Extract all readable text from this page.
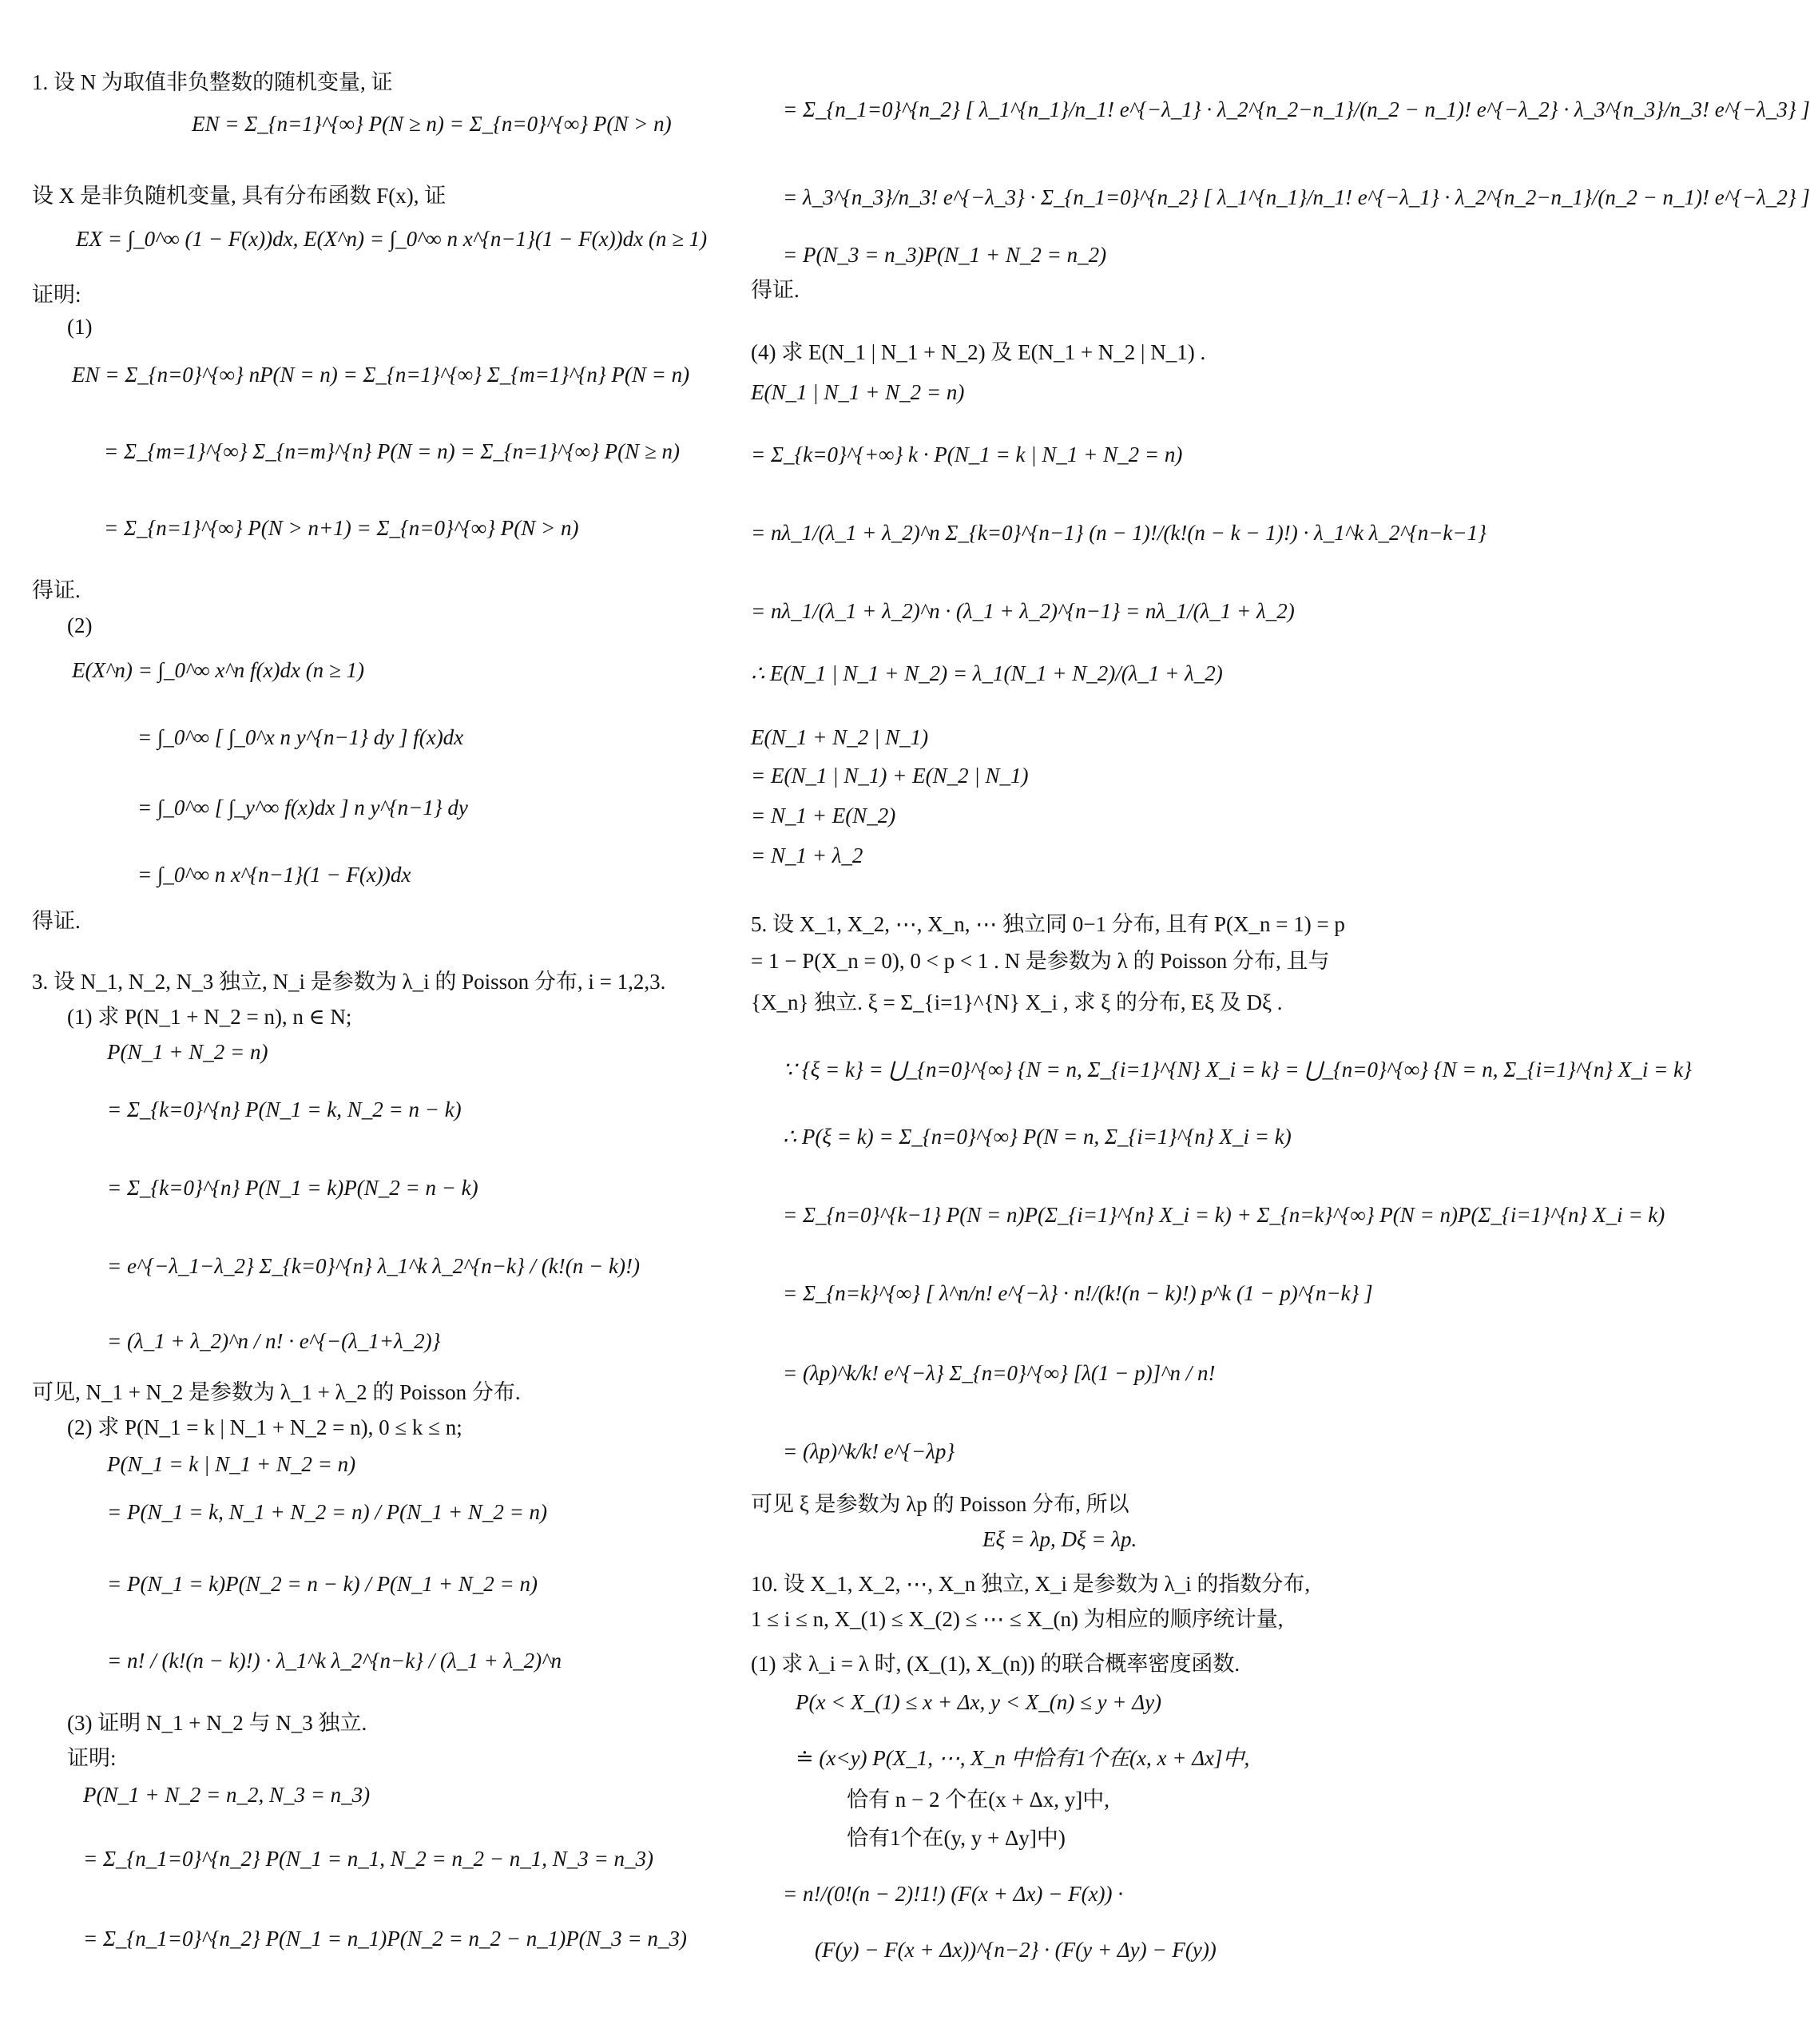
1. 设 N 为取值非负整数的随机变量, 证
EN = Σ_{n=1}^{∞} P(N ≥ n) = Σ_{n=0}^{∞} P(N > n)
设 X 是非负随机变量, 具有分布函数 F(x), 证
EX = ∫_0^∞ (1 − F(x))dx, E(X^n) = ∫_0^∞ n x^{n−1}(1 − F(x))dx (n ≥ 1)
证明:
(1)
EN = Σ_{n=0}^{∞} nP(N = n) = Σ_{n=1}^{∞} Σ_{m=1}^{n} P(N = n)
= Σ_{m=1}^{∞} Σ_{n=m}^{n} P(N = n) = Σ_{n=1}^{∞} P(N ≥ n)
= Σ_{n=1}^{∞} P(N > n+1) = Σ_{n=0}^{∞} P(N > n)
得证.
(2)
E(X^n) = ∫_0^∞ x^n f(x)dx (n ≥ 1)
= ∫_0^∞ [ ∫_0^x n y^{n−1} dy ] f(x)dx
= ∫_0^∞ [ ∫_y^∞ f(x)dx ] n y^{n−1} dy
= ∫_0^∞ n x^{n−1}(1 − F(x))dx
得证.
3. 设 N_1, N_2, N_3 独立, N_i 是参数为 λ_i 的 Poisson 分布, i = 1,2,3.
(1) 求 P(N_1 + N_2 = n), n ∈ N;
P(N_1 + N_2 = n)
= Σ_{k=0}^{n} P(N_1 = k, N_2 = n − k)
= Σ_{k=0}^{n} P(N_1 = k)P(N_2 = n − k)
= e^{−λ_1−λ_2} Σ_{k=0}^{n} λ_1^k λ_2^{n−k} / (k!(n − k)!)
= (λ_1 + λ_2)^n / n! · e^{−(λ_1+λ_2)}
可见, N_1 + N_2 是参数为 λ_1 + λ_2 的 Poisson 分布.
(2) 求 P(N_1 = k | N_1 + N_2 = n), 0 ≤ k ≤ n;
P(N_1 = k | N_1 + N_2 = n)
= P(N_1 = k, N_1 + N_2 = n) / P(N_1 + N_2 = n)
= P(N_1 = k)P(N_2 = n − k) / P(N_1 + N_2 = n)
= n! / (k!(n − k)!) · λ_1^k λ_2^{n−k} / (λ_1 + λ_2)^n
(3) 证明 N_1 + N_2 与 N_3 独立.
证明:
P(N_1 + N_2 = n_2, N_3 = n_3)
= Σ_{n_1=0}^{n_2} P(N_1 = n_1, N_2 = n_2 − n_1, N_3 = n_3)
= Σ_{n_1=0}^{n_2} P(N_1 = n_1)P(N_2 = n_2 − n_1)P(N_3 = n_3)
= Σ_{n_1=0}^{n_2} [ λ_1^{n_1}/n_1! e^{−λ_1} · λ_2^{n_2−n_1}/(n_2 − n_1)! e^{−λ_2} · λ_3^{n_3}/n_3! e^{−λ_3} ]
= λ_3^{n_3}/n_3! e^{−λ_3} · Σ_{n_1=0}^{n_2} [ λ_1^{n_1}/n_1! e^{−λ_1} · λ_2^{n_2−n_1}/(n_2 − n_1)! e^{−λ_2} ]
= P(N_3 = n_3)P(N_1 + N_2 = n_2)
得证.
(4) 求 E(N_1 | N_1 + N_2) 及 E(N_1 + N_2 | N_1) .
E(N_1 | N_1 + N_2 = n)
= Σ_{k=0}^{+∞} k · P(N_1 = k | N_1 + N_2 = n)
= nλ_1/(λ_1 + λ_2)^n Σ_{k=0}^{n−1} (n − 1)!/(k!(n − k − 1)!) · λ_1^k λ_2^{n−k−1}
= nλ_1/(λ_1 + λ_2)^n · (λ_1 + λ_2)^{n−1} = nλ_1/(λ_1 + λ_2)
∴ E(N_1 | N_1 + N_2) = λ_1(N_1 + N_2)/(λ_1 + λ_2)
E(N_1 + N_2 | N_1)
= E(N_1 | N_1) + E(N_2 | N_1)
= N_1 + E(N_2)
= N_1 + λ_2
5. 设 X_1, X_2, ⋯, X_n, ⋯ 独立同 0−1 分布, 且有 P(X_n = 1) = p
= 1 − P(X_n = 0), 0 < p < 1 . N 是参数为 λ 的 Poisson 分布, 且与
{X_n} 独立. ξ = Σ_{i=1}^{N} X_i , 求 ξ 的分布, Eξ 及 Dξ .
∵ {ξ = k} = ⋃_{n=0}^{∞} {N = n, Σ_{i=1}^{N} X_i = k} = ⋃_{n=0}^{∞} {N = n, Σ_{i=1}^{n} X_i = k}
∴ P(ξ = k) = Σ_{n=0}^{∞} P(N = n, Σ_{i=1}^{n} X_i = k)
= Σ_{n=0}^{k−1} P(N = n)P(Σ_{i=1}^{n} X_i = k) + Σ_{n=k}^{∞} P(N = n)P(Σ_{i=1}^{n} X_i = k)
= Σ_{n=k}^{∞} [ λ^n/n! e^{−λ} · n!/(k!(n − k)!) p^k (1 − p)^{n−k} ]
= (λp)^k/k! e^{−λ} Σ_{n=0}^{∞} [λ(1 − p)]^n / n!
= (λp)^k/k! e^{−λp}
可见 ξ 是参数为 λp 的 Poisson 分布, 所以
Eξ = λp, Dξ = λp.
10. 设 X_1, X_2, ⋯, X_n 独立, X_i 是参数为 λ_i 的指数分布,
1 ≤ i ≤ n, X_(1) ≤ X_(2) ≤ ⋯ ≤ X_(n) 为相应的顺序统计量,
(1) 求 λ_i = λ 时, (X_(1), X_(n)) 的联合概率密度函数.
P(x < X_(1) ≤ x + Δx, y < X_(n) ≤ y + Δy)
≐ (x<y) P(X_1, ⋯, X_n 中恰有1个在(x, x + Δx]中,
恰有 n − 2 个在(x + Δx, y]中,
恰有1个在(y, y + Δy]中)
= n!/(0!(n − 2)!1!) (F(x + Δx) − F(x)) ·
(F(y) − F(x + Δx))^{n−2} · (F(y + Δy) − F(y))
